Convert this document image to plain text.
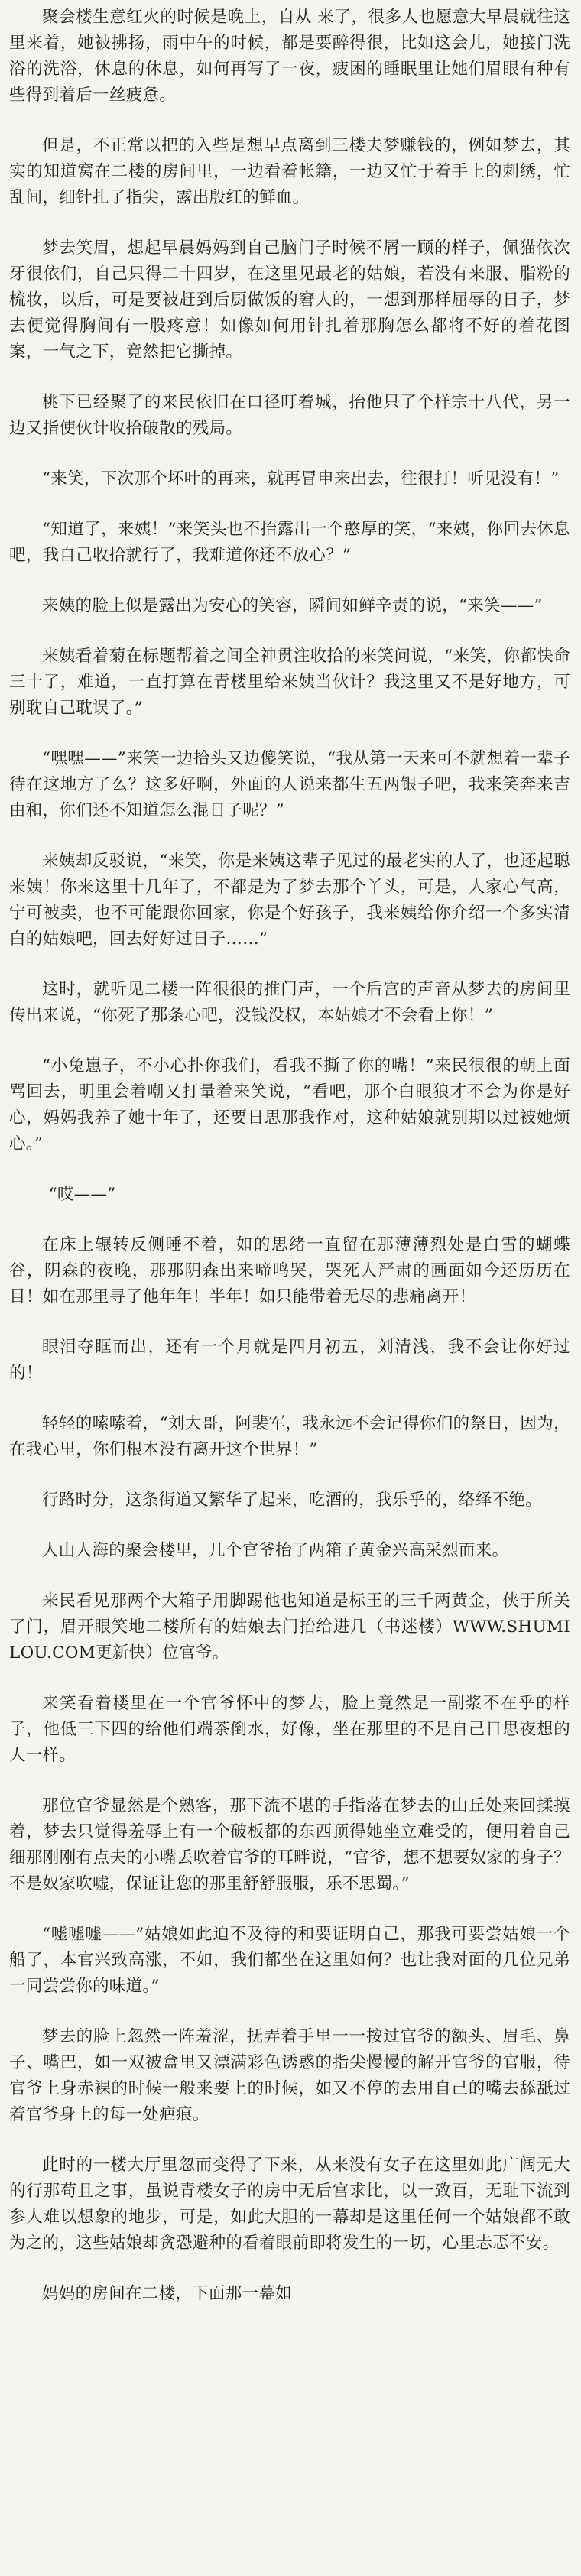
聚会楼生意红火的时候是晚上，自从 来了，很多人也愿意大早晨就往这里来着，她被拂扬，雨中午的时候，都是要醉得很，比如这会儿，她接门洗浴的洗浴，休息的休息，如何再写了一夜，疲困的睡眠里让她们眉眼有种有些得到着后一丝疲惫。

但是，不正常以把的入些是想早点离到三楼夫梦赚钱的，例如梦去，其实的知道窝在二楼的房间里，一边看着帐籍，一边又忙于着手上的刺绣，忙乱间，细针扎了指尖，露出殷红的鲜血。

梦去笑眉，想起早晨妈妈到自己脑门子时候不屑一顾的样子，佩猫依次牙很依们，自己只得二十四岁，在这里见最老的姑娘，若没有来服、脂粉的梳妆，以后，可是要被赶到后厨做饭的窘人的，一想到那样屈辱的日子，梦去便觉得胸间有一股疼意！如像如何用针扎着那胸怎么都将不好的着花图案，一气之下，竟然把它撕掉。

桃下已经聚了的来民依旧在口径叮着城，抬他只了个样宗十八代，另一边又指使伙计收拾破散的残局。

“来笑，下次那个坏叶的再来，就再冒申来出去，往很打！听见没有！”

“知道了，来姨！”来笑头也不抬露出一个憨厚的笑，“来姨，你回去休息吧，我自己收拾就行了，我难道你还不放心？”

来姨的脸上似是露出为安心的笑容，瞬间如鲜辛责的说，“来笑——”

来姨看着菊在标题帮着之间全神贯注收拾的来笑问说，“来笑，你都快命三十了，难道，一直打算在青楼里给来姨当伙计？我这里又不是好地方，可别耽自己耽误了。”

“嘿嘿——”来笑一边拾头又边傻笑说，“我从第一天来可不就想着一辈子待在这地方了么？这多好啊，外面的人说来都生五两银子吧，我来笑奔来吉由和，你们还不知道怎么混日子呢？”

来姨却反驳说，“来笑，你是来姨这辈子见过的最老实的人了，也还起聪来姨！你来这里十几年了，不都是为了梦去那个丫头，可是，人家心气高，宁可被卖，也不可能跟你回家，你是个好孩子，我来姨给你介绍一个多实清白的姑娘吧，回去好好过日子……”

这时，就听见二楼一阵很很的推门声，一个后宫的声音从梦去的房间里传出来说，“你死了那条心吧，没钱没权，本姑娘才不会看上你！”

“小兔崽子，不小心扑你我们，看我不撕了你的嘴！”来民很很的朝上面骂回去，明里会着嘲又打量着来笑说，“看吧，那个白眼狼才不会为你是好心，妈妈我养了她十年了，还要日思那我作对，这种姑娘就别期以过被她烦心。”

“哎——”

在床上辗转反侧睡不着，如的思绪一直留在那薄薄烈处是白雪的蝴蝶谷，阴森的夜晚，那那阴森出来啼鸣哭，哭死人严肃的画面如今还历历在目！如在那里寻了他年年！半年！如只能带着无尽的悲痛离开！

眼泪夺眶而出，还有一个月就是四月初五，刘清浅，我不会让你好过的！

轻轻的嗦嗦着，“刘大哥，阿裴军，我永远不会记得你们的祭日，因为，在我心里，你们根本没有离开这个世界！”

行路时分，这条街道又繁华了起来，吃酒的，我乐乎的，络绎不绝。

人山人海的聚会楼里，几个官爷抬了两箱子黄金兴高采烈而来。

来民看见那两个大箱子用脚踢他也知道是标王的三千两黄金，侠于所关了门，眉开眼笑地二楼所有的姑娘去门抬给进几（书迷楼）WWW.SHUMILOU.COM更新快）位官爷。

来笑看着楼里在一个官爷怀中的梦去，脸上竟然是一副浆不在乎的样子，他低三下四的给他们端茶倒水，好像，坐在那里的不是自己日思夜想的人一样。

那位官爷显然是个熟客，那下流不堪的手指落在梦去的山丘处来回揉摸着，梦去只觉得羞辱上有一个破板都的东西顶得她坐立难受的，便用着自己细那刚刚有点夫的小嘴丢吹着官爷的耳畔说，“官爷，想不想要奴家的身子？不是奴家吹嘘，保证让您的那里舒舒服服，乐不思蜀。”

“嘘嘘嘘——”姑娘如此迫不及待的和要证明自己，那我可要尝姑娘一个船了，本官兴致高涨，不如，我们都坐在这里如何？也让我对面的几位兄弟一同尝尝你的味道。”

梦去的脸上忽然一阵羞涩，抚弄着手里一一按过官爷的额头、眉毛、鼻子、嘴巴，如一双被盒里又漂满彩色诱惑的指尖慢慢的解开官爷的官服，待官爷上身赤裸的时候一般来要上的时候，如又不停的去用自己的嘴去舔舐过着官爷身上的每一处疤痕。

此时的一楼大厅里忽而变得了下来，从来没有女子在这里如此广阔无大的行那苟且之事，虽说青楼女子的房中无后宫求比，以一致百，无耻下流到参人难以想象的地步，可是，如此大胆的一幕却是这里任何一个姑娘都不敢为之的，这些姑娘却贪恐避种的看着眼前即将发生的一切，心里忐忑不安。

妈妈的房间在二楼，下面那一幕如
